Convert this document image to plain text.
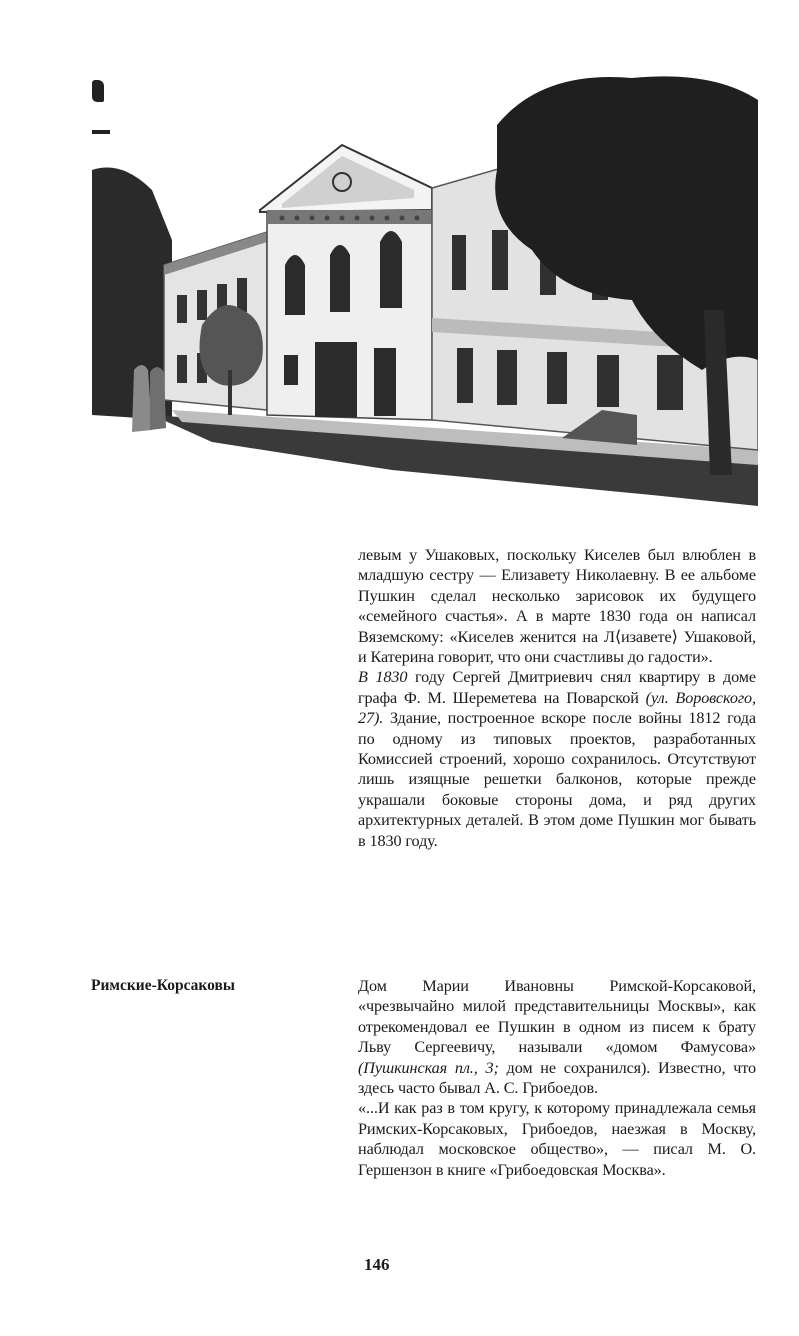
левым у Ушаковых, поскольку Киселев был влюблен в младшую сестру — Елизавету Николаевну. В ее альбоме Пушкин сделал несколько зарисовок их будущего «семейного счастья». А в марте 1830 года он написал Вяземскому: «Киселев женится на Л⟨изавете⟩ Ушаковой, и Катерина говорит, что они счастливы до гадости».

В 1830 году Сергей Дмитриевич снял квартиру в доме графа Ф. М. Шереметева на Поварской (ул. Воровского, 27). Здание, построенное вскоре после войны 1812 года по одному из типовых проектов, разработанных Комиссией строений, хорошо сохранилось. Отсутствуют лишь изящные решетки балконов, которые прежде украшали боковые стороны дома, и ряд других архитектурных деталей. В этом доме Пушкин мог бывать в 1830 году.

Римские-Корсаковы	Дом Марии Ивановны Римской-Корсаковой, «чрезвычайно милой представительницы Москвы», как отрекомендовал ее Пушкин в одном из писем к брату Льву Сергеевичу, называли «домом Фамусова» (Пушкинская пл., 3; дом не сохранился). Известно, что здесь часто бывал А. С. Грибоедов.

«...И как раз в том кругу, к которому принадлежала семья Римских-Корсаковых, Грибоедов, наезжая в Москву, наблюдал московское общество», — писал М. О. Гершензон в книге «Грибоедовская Москва».

146
